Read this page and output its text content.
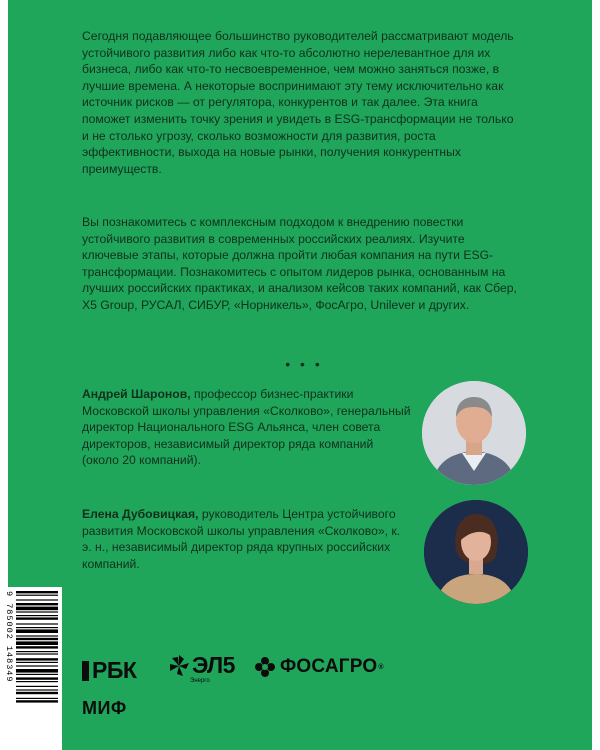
Сегодня подавляющее большинство руководителей рассматривают модель устойчивого развития либо как что-то абсолютно нерелевантное для их бизнеса, либо как что-то несвоевременное, чем можно заняться позже, в лучшие времена. А некоторые воспринимают эту тему исключительно как источник рисков — от регулятора, конкурентов и так далее. Эта книга поможет изменить точку зрения и увидеть в ESG-трансформации не только и не столько угрозу, сколько возможности для развития, роста эффективности, выхода на новые рынки, получения конкурентных преимуществ.

Вы познакомитесь с комплексным подходом к внедрению повестки устойчивого развития в современных российских реалиях. Изучите ключевые этапы, которые должна пройти любая компания на пути ESG-трансформации. Познакомитесь с опытом лидеров рынка, основанным на лучших российских практиках, и анализом кейсов таких компаний, как Сбер, X5 Group, РУСАЛ, СИБУР, «Норникель», ФосАгро, Unilever и других.

• • •

Андрей Шаронов, профессор бизнес-практики Московской школы управления «Сколково», генеральный директор Национального ESG Альянса, член совета директоров, независимый директор ряда компаний (около 20 компаний).

Елена Дубовицкая, руководитель Центра устойчивого развития Московской школы управления «Сколково», к. э. н., независимый директор ряда крупных российских компаний.

РБК ЭЛ5
Энерго
ФОСАГРО ®
МИФ
9 785002 148349
